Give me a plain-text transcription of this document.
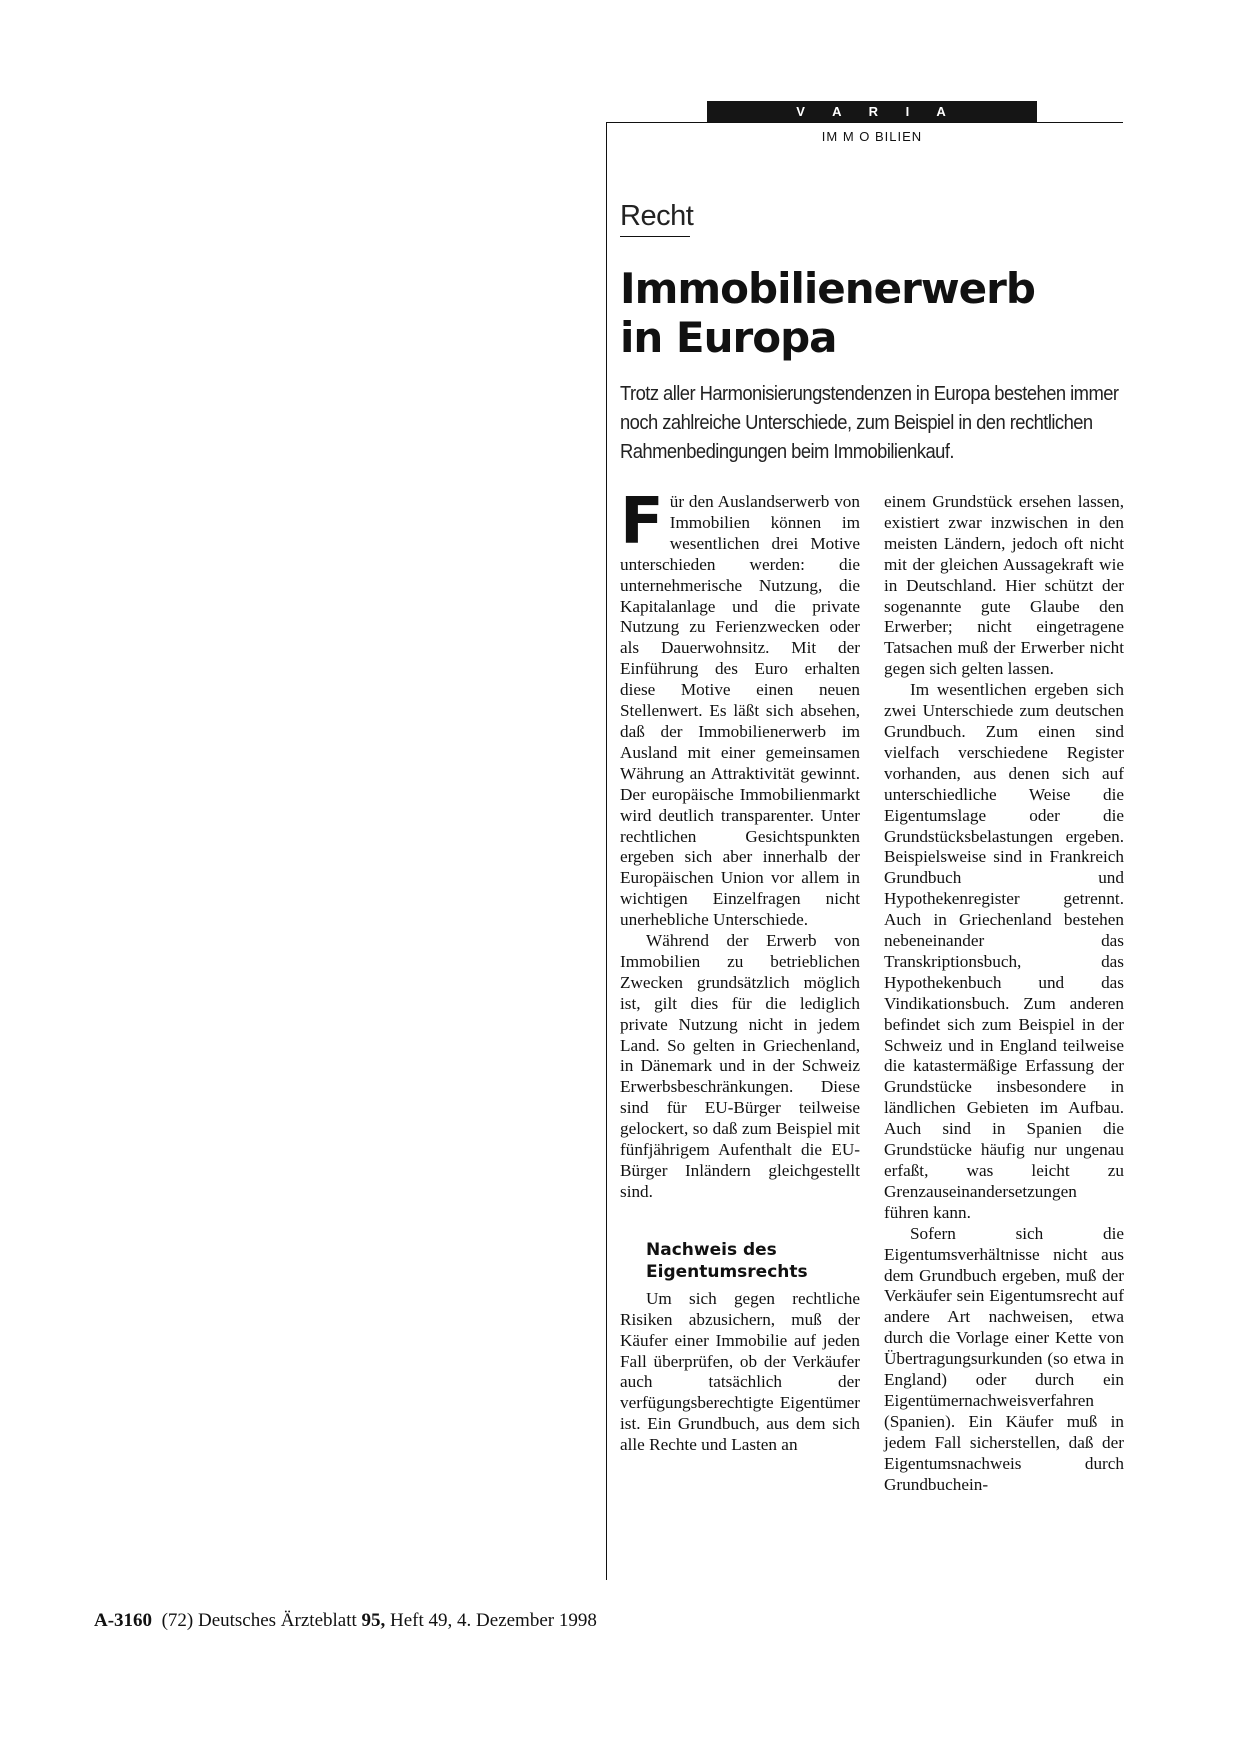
V A R I A
IM M O BILIEN
Recht
Immobilienerwerb
in Europa

Trotz aller Harmonisierungstendenzen in Europa bestehen immer noch zahlreiche Unterschiede, zum Beispiel in den rechtlichen Rahmenbedingungen beim Immobilienkauf.

Für den Auslandserwerb von Immobilien können im wesentlichen drei Motive unterschieden werden: die unternehmerische Nutzung, die Kapitalanlage und die private Nutzung zu Ferienzwecken oder als Dauerwohnsitz. Mit der Einführung des Euro erhalten diese Motive einen neuen Stellenwert. Es läßt sich absehen, daß der Immobilienerwerb im Ausland mit einer gemeinsamen Währung an Attraktivität gewinnt. Der europäische Immobilienmarkt wird deutlich transparenter. Unter rechtlichen Gesichtspunkten ergeben sich aber innerhalb der Europäischen Union vor allem in wichtigen Einzelfragen nicht unerhebliche Unterschiede.

Während der Erwerb von Immobilien zu betrieblichen Zwecken grundsätzlich möglich ist, gilt dies für die lediglich private Nutzung nicht in jedem Land. So gelten in Griechenland, in Dänemark und in der Schweiz Erwerbsbeschränkungen. Diese sind für EU-Bürger teilweise gelockert, so daß zum Beispiel mit fünfjährigem Aufenthalt die EU-Bürger Inländern gleichgestellt sind.

Nachweis des Eigentumsrechts

Um sich gegen rechtliche Risiken abzusichern, muß der Käufer einer Immobilie auf jeden Fall überprüfen, ob der Verkäufer auch tatsächlich der verfügungsberechtigte Eigentümer ist. Ein Grundbuch, aus dem sich alle Rechte und Lasten an

einem Grundstück ersehen lassen, existiert zwar inzwischen in den meisten Ländern, jedoch oft nicht mit der gleichen Aussagekraft wie in Deutschland. Hier schützt der sogenannte gute Glaube den Erwerber; nicht eingetragene Tatsachen muß der Erwerber nicht gegen sich gelten lassen.

Im wesentlichen ergeben sich zwei Unterschiede zum deutschen Grundbuch. Zum einen sind vielfach verschiedene Register vorhanden, aus denen sich auf unterschiedliche Weise die Eigentumslage oder die Grundstücksbelastungen ergeben. Beispielsweise sind in Frankreich Grundbuch und Hypothekenregister getrennt. Auch in Griechenland bestehen nebeneinander das Transkriptionsbuch, das Hypothekenbuch und das Vindikationsbuch. Zum anderen befindet sich zum Beispiel in der Schweiz und in England teilweise die katastermäßige Erfassung der Grundstücke insbesondere in ländlichen Gebieten im Aufbau. Auch sind in Spanien die Grundstücke häufig nur ungenau erfaßt, was leicht zu Grenzauseinandersetzungen führen kann.

Sofern sich die Eigentumsverhältnisse nicht aus dem Grundbuch ergeben, muß der Verkäufer sein Eigentumsrecht auf andere Art nachweisen, etwa durch die Vorlage einer Kette von Übertragungsurkunden (so etwa in England) oder durch ein Eigentümernachweisverfahren (Spanien). Ein Käufer muß in jedem Fall sicherstellen, daß der Eigentumsnachweis durch Grundbuchein-

A-3160 (72) Deutsches Ärzteblatt 95, Heft 49, 4. Dezember 1998
